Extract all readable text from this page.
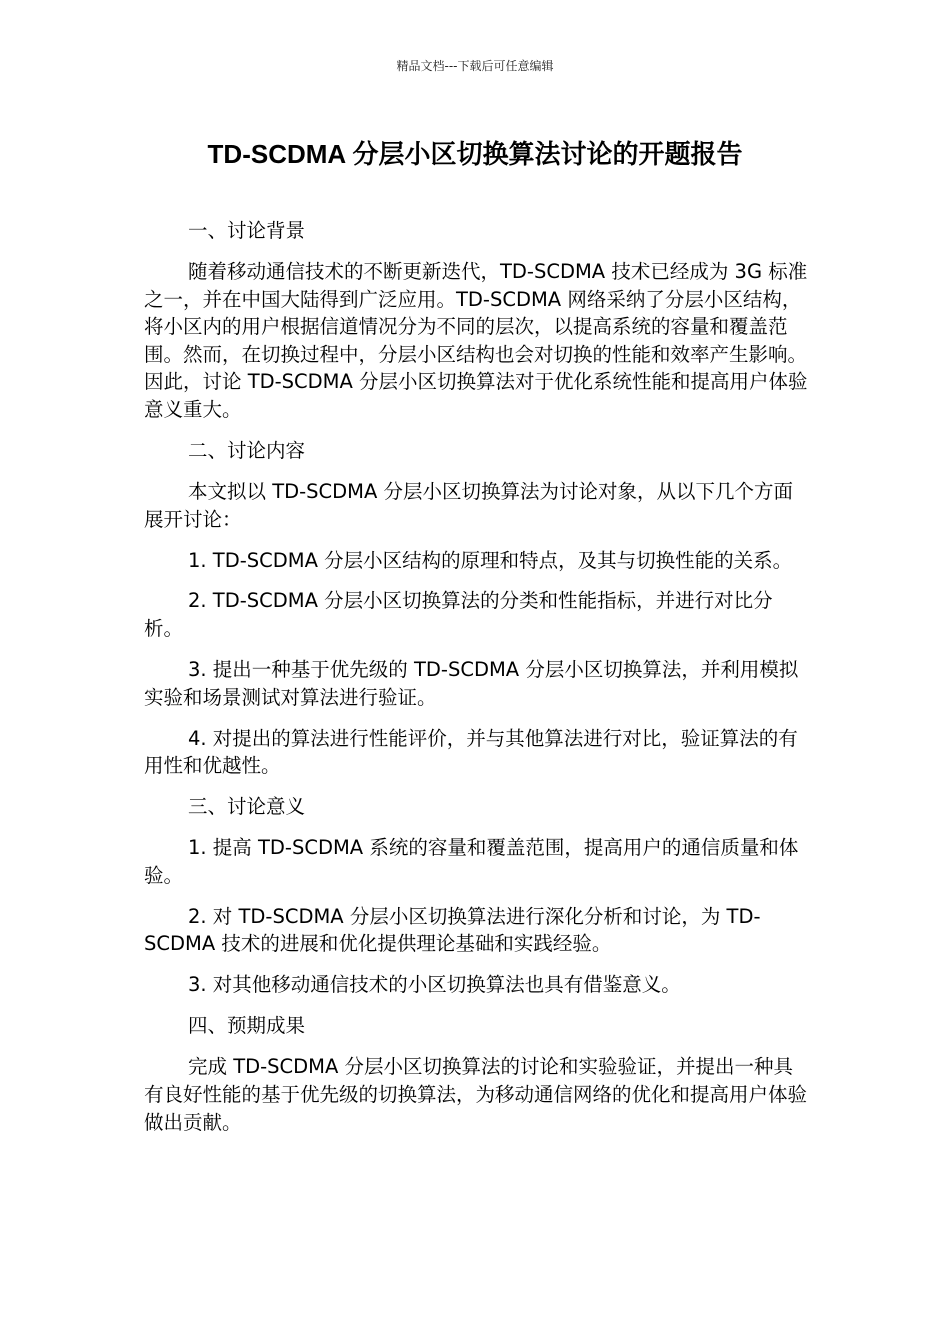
精品文档---下载后可任意编辑
TD-SCDMA 分层小区切换算法讨论的开题报告

一、讨论背景

随着移动通信技术的不断更新迭代，TD-SCDMA 技术已经成为 3G 标准之一，并在中国大陆得到广泛应用。TD-SCDMA 网络采纳了分层小区结构，将小区内的用户根据信道情况分为不同的层次，以提高系统的容量和覆盖范围。然而，在切换过程中，分层小区结构也会对切换的性能和效率产生影响。因此，讨论 TD-SCDMA 分层小区切换算法对于优化系统性能和提高用户体验意义重大。

二、讨论内容

本文拟以 TD-SCDMA 分层小区切换算法为讨论对象，从以下几个方面展开讨论：

1. TD-SCDMA 分层小区结构的原理和特点，及其与切换性能的关系。

2. TD-SCDMA 分层小区切换算法的分类和性能指标，并进行对比分析。

3. 提出一种基于优先级的 TD-SCDMA 分层小区切换算法，并利用模拟实验和场景测试对算法进行验证。

4. 对提出的算法进行性能评价，并与其他算法进行对比，验证算法的有用性和优越性。

三、讨论意义

1. 提高 TD-SCDMA 系统的容量和覆盖范围，提高用户的通信质量和体验。

2. 对 TD-SCDMA 分层小区切换算法进行深化分析和讨论，为 TD-SCDMA 技术的进展和优化提供理论基础和实践经验。

3. 对其他移动通信技术的小区切换算法也具有借鉴意义。

四、预期成果

完成 TD-SCDMA 分层小区切换算法的讨论和实验验证，并提出一种具有良好性能的基于优先级的切换算法，为移动通信网络的优化和提高用户体验做出贡献。
